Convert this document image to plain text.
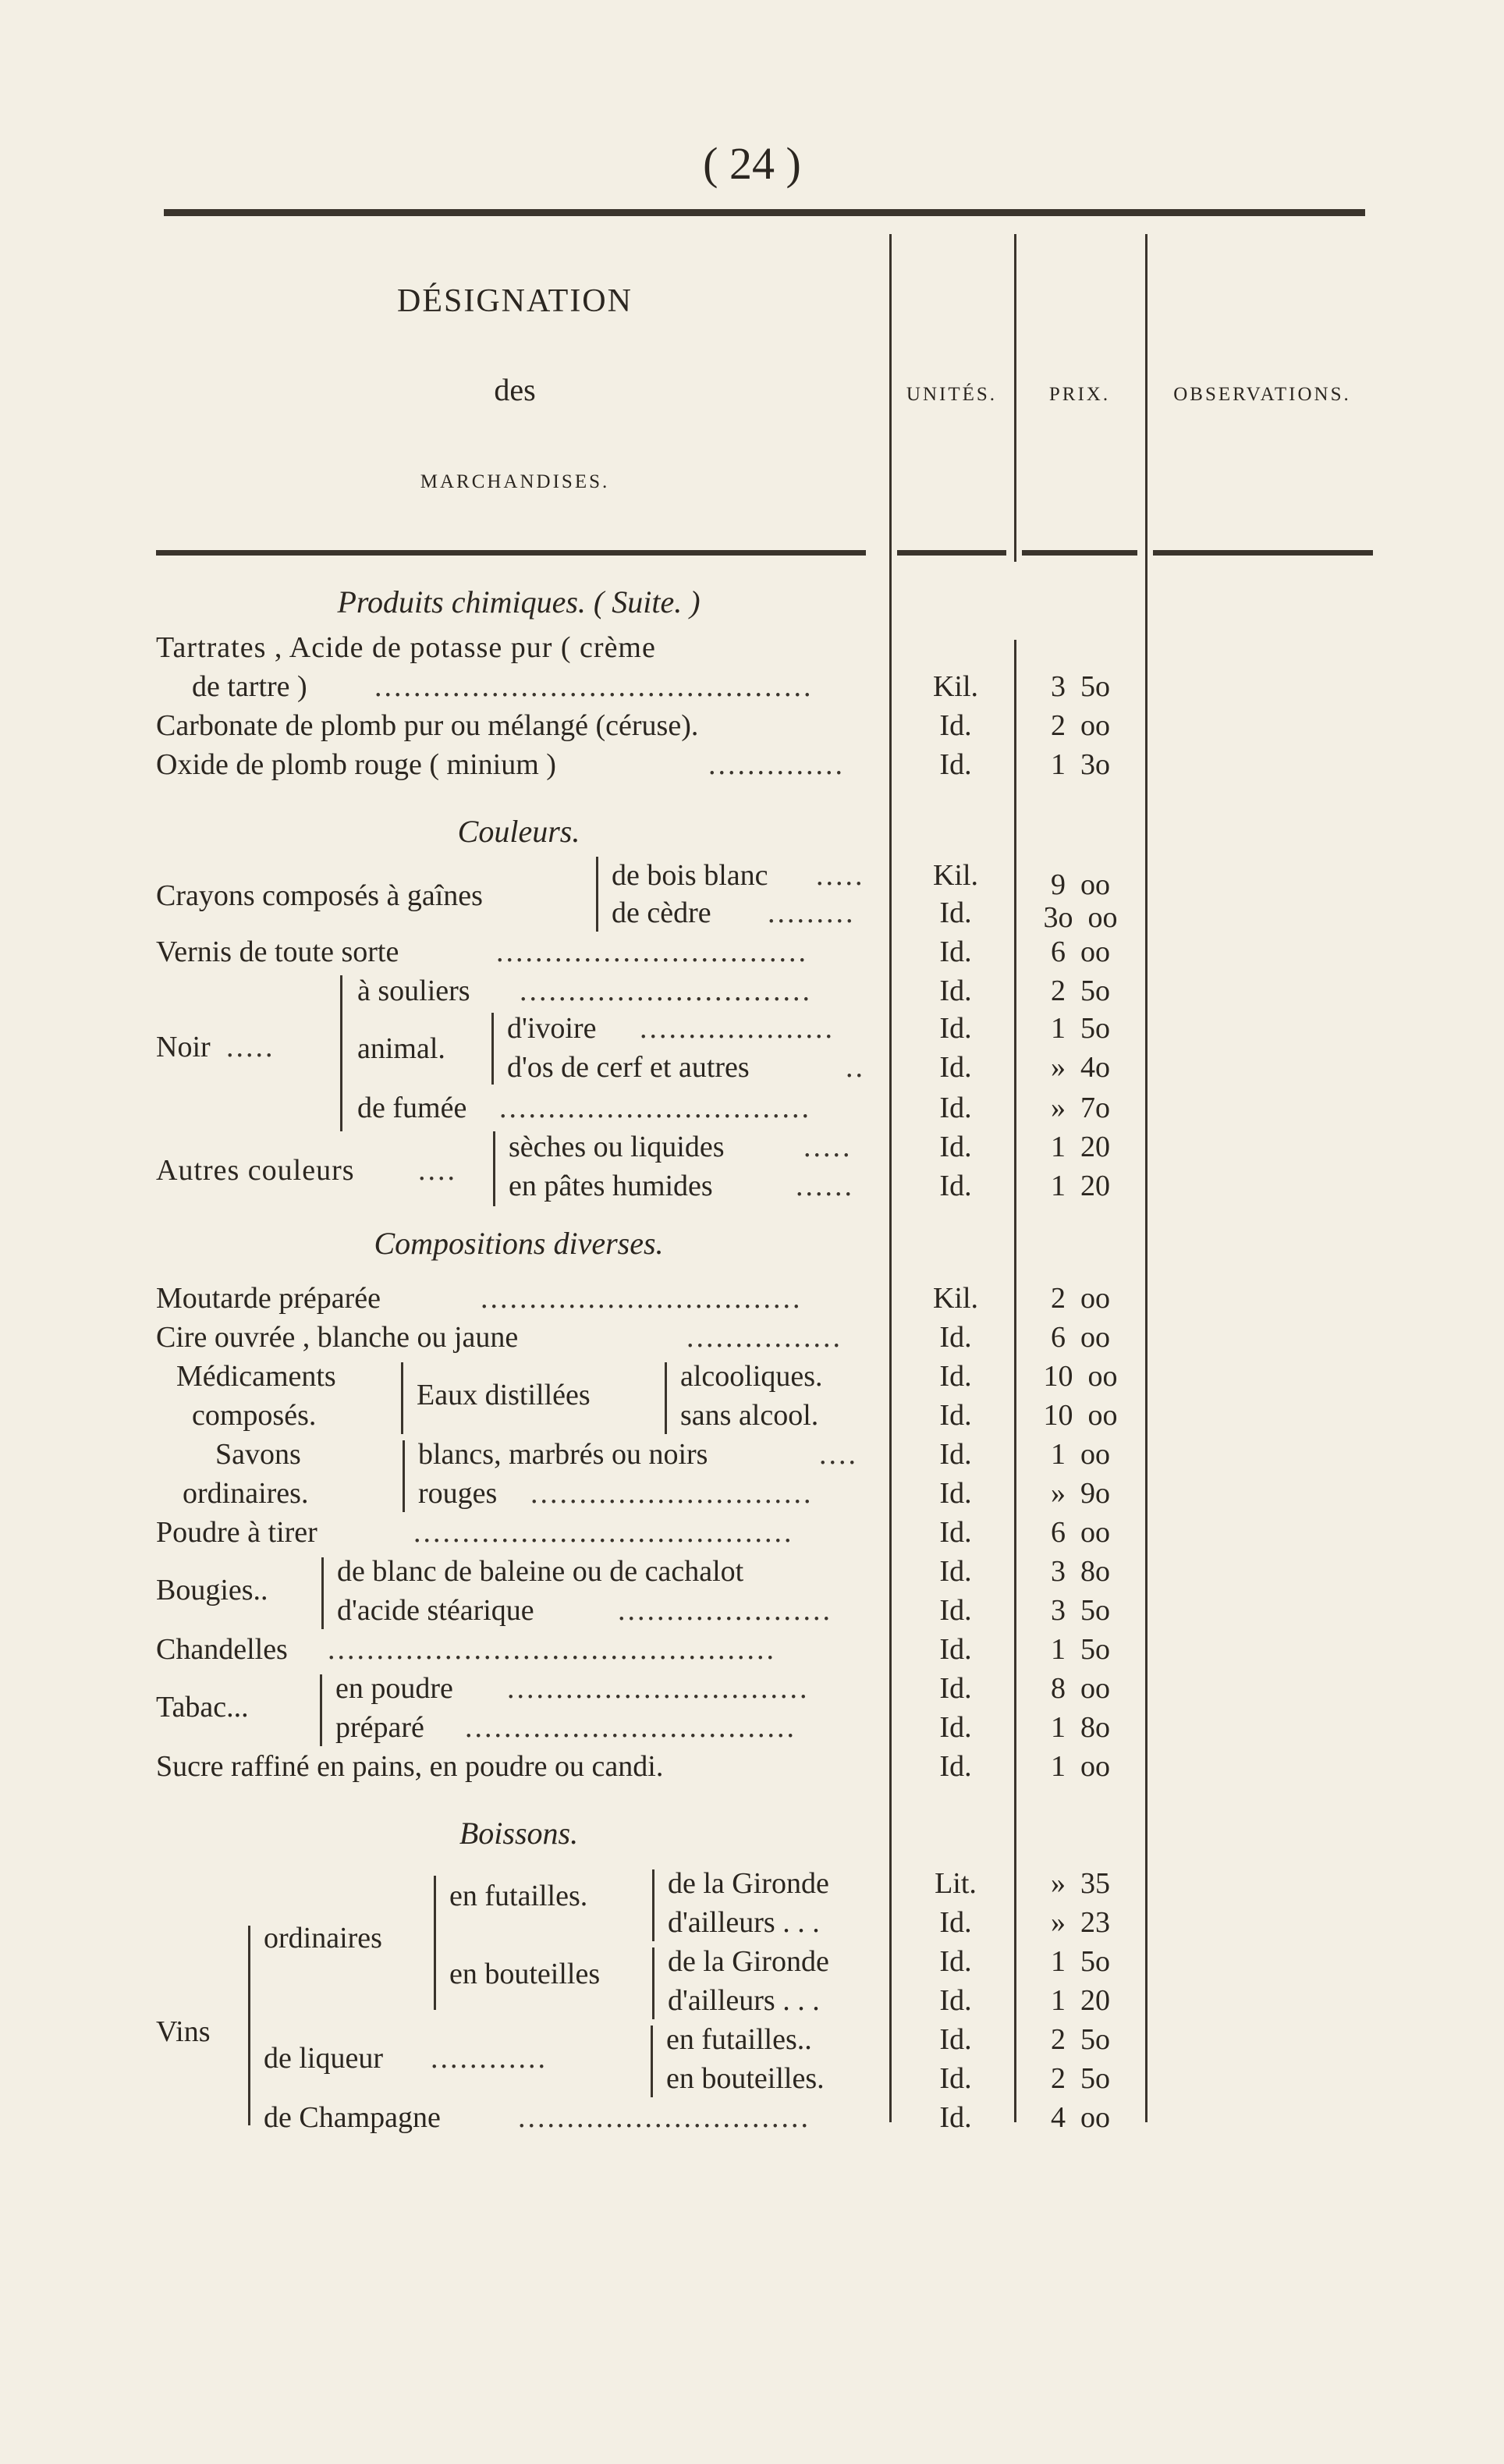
( 24 )
DÉSIGNATION
des
MARCHANDISES.
UNITÉS.	PRIX.	OBSERVATIONS.
Produits chimiques. ( Suite. )
Tartrates , Acide de potasse pur ( crème
de tartre ) .............................................	Kil.	3  5o
Carbonate de plomb pur ou mélangé (céruse).	Id.	2  oo
Oxide de plomb rouge ( minium )	..............	Id.	1  3o
Couleurs.
Crayons composés à gaînes
de bois blanc .....	Kil.	9  oo
de cèdre .........	Id.	3o  oo
Vernis de toute sorte	................................	Id.	6  oo
Noir .....
à souliers ..............................	Id.	2  5o
animal.
d'ivoire ....................	Id.	1  5o
d'os de cerf et autres	..	Id.	»  4o
de fumée ................................	Id.	»  7o
Autres couleurs ....
sèches ou liquides	.....	Id.	1  20
en pâtes humides	......	Id.	1  20
Compositions diverses.
Moutarde préparée	.................................	Kil.	2  oo
Cire ouvrée , blanche ou jaune	................	Id.	6  oo
Médicaments
composés.
Eaux distillées
alcooliques.	Id.	10  oo
sans alcool.	Id.	10  oo
Savons
ordinaires.
blancs, marbrés ou noirs	....	Id.	1  oo
rouges .............................	Id.	»  9o
Poudre à tirer	.......................................	Id.	6  oo
Bougies..
de blanc de baleine ou de cachalot	Id.	3  8o
d'acide stéarique	......................	Id.	3  5o
Chandelles ..............................................	Id.	1  5o
Tabac...
en poudre ...............................	Id.	8  oo
préparé ..................................	Id.	1  8o
Sucre raffiné en pains, en poudre ou candi.	Id.	1  oo
Boissons.
Vins
ordinaires
en futailles.
en bouteilles
de la Gironde	Lit.	»  35
d'ailleurs . . .	Id.	»  23
de la Gironde	Id.	1  5o
d'ailleurs . . .	Id.	1  20
de liqueur ............
en futailles..	Id.	2  5o
en bouteilles.	Id.	2  5o
de Champagne	..............................	Id.	4  oo
